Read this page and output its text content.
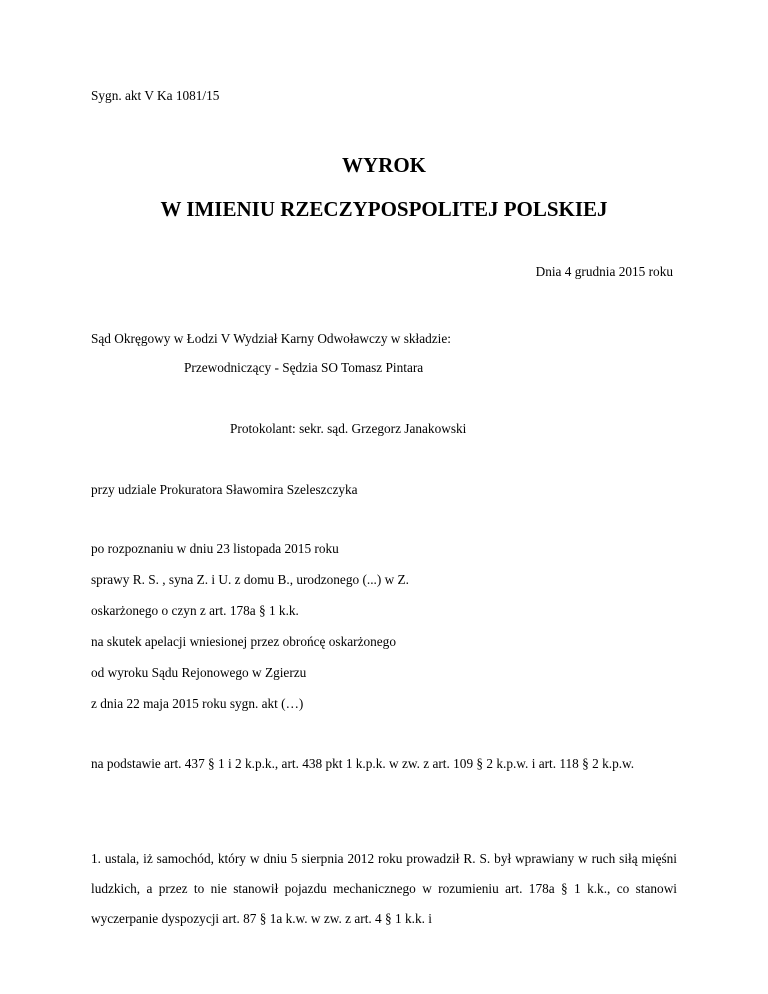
Sygn. akt V Ka 1081/15
WYROK
W IMIENIU RZECZYPOSPOLITEJ POLSKIEJ
Dnia 4 grudnia 2015 roku
Sąd Okręgowy w Łodzi V Wydział Karny Odwoławczy w składzie:
Przewodniczący - Sędzia SO Tomasz Pintara
Protokolant: sekr. sąd. Grzegorz Janakowski
przy udziale Prokuratora Sławomira Szeleszczyka
po rozpoznaniu w dniu 23 listopada 2015 roku
sprawy R. S. , syna Z. i U. z domu B., urodzonego (...) w Z.
oskarżonego o czyn z art. 178a § 1 k.k.
na skutek apelacji wniesionej przez obrońcę oskarżonego
od wyroku Sądu Rejonowego w Zgierzu
z dnia 22 maja 2015 roku sygn. akt (…)
na podstawie art. 437 § 1 i 2 k.p.k., art. 438 pkt 1 k.p.k. w zw. z art. 109 § 2 k.p.w. i art. 118 § 2 k.p.w.
1. ustala, iż samochód, który w dniu 5 sierpnia 2012 roku prowadził R. S. był wprawiany w ruch siłą mięśni ludzkich, a przez to nie stanowił pojazdu mechanicznego w rozumieniu art. 178a § 1 k.k., co stanowi wyczerpanie dyspozycji art. 87 § 1a k.w. w zw. z art. 4 § 1 k.k. i
